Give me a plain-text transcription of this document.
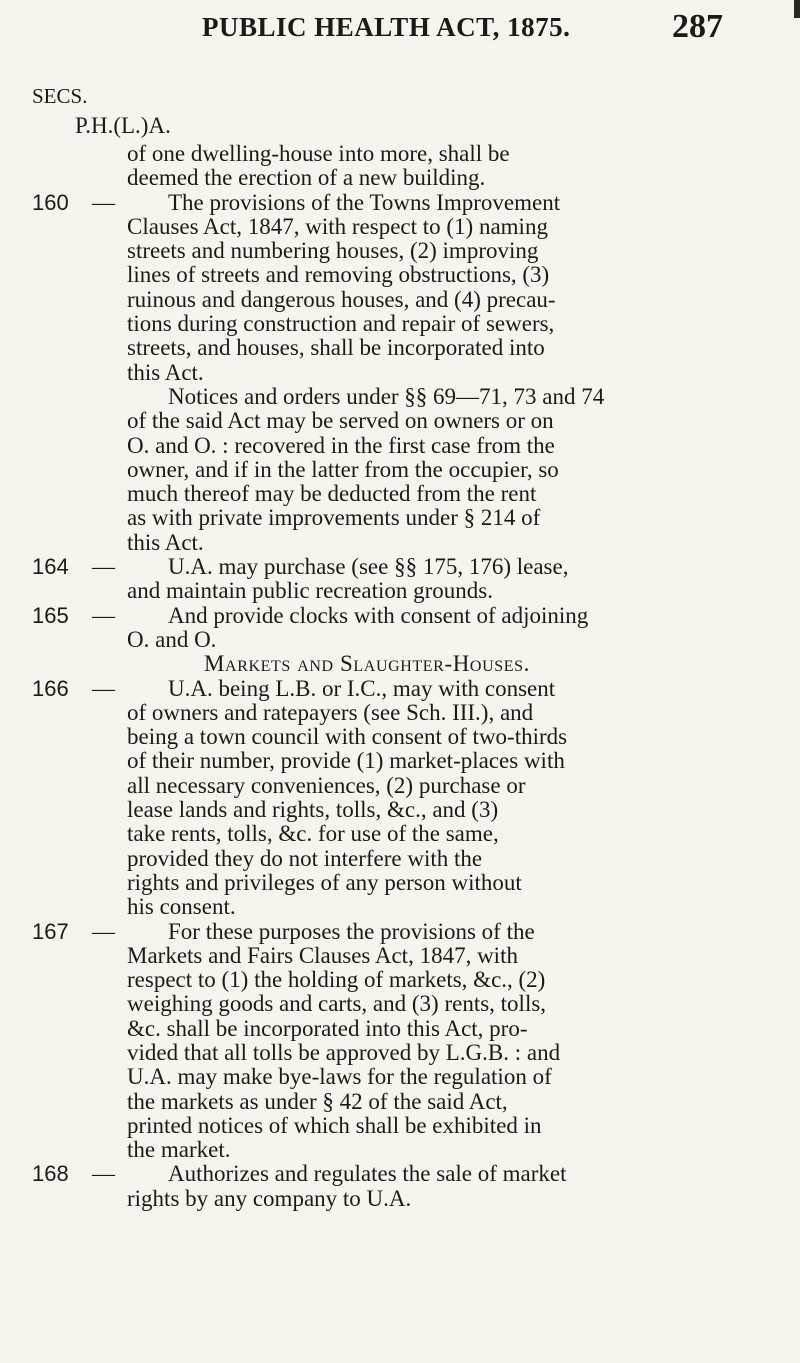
PUBLIC HEALTH ACT, 1875.	287
SECS.
P.H.(L.)A.
of one dwelling-house into more, shall be
deemed the erection of a new building.
160 — The provisions of the Towns Improvement
Clauses Act, 1847, with respect to (1) naming
streets and numbering houses, (2) improving
lines of streets and removing obstructions, (3)
ruinous and dangerous houses, and (4) precau-
tions during construction and repair of sewers,
streets, and houses, shall be incorporated into
this Act.
Notices and orders under §§ 69—71, 73 and 74
of the said Act may be served on owners or on
O. and O. : recovered in the first case from the
owner, and if in the latter from the occupier, so
much thereof may be deducted from the rent
as with private improvements under § 214 of
this Act.
164 — U.A. may purchase (see §§ 175, 176) lease,
and maintain public recreation grounds.
165 — And provide clocks with consent of adjoining
O. and O.
Markets and Slaughter-Houses.
166 — U.A. being L.B. or I.C., may with consent
of owners and ratepayers (see Sch. III.), and
being a town council with consent of two-thirds
of their number, provide (1) market-places with
all necessary conveniences, (2) purchase or
lease lands and rights, tolls, &c., and (3)
take rents, tolls, &c. for use of the same,
provided they do not interfere with the
rights and privileges of any person without
his consent.
167 — For these purposes the provisions of the
Markets and Fairs Clauses Act, 1847, with
respect to (1) the holding of markets, &c., (2)
weighing goods and carts, and (3) rents, tolls,
&c. shall be incorporated into this Act, pro-
vided that all tolls be approved by L.G.B. : and
U.A. may make bye-laws for the regulation of
the markets as under § 42 of the said Act,
printed notices of which shall be exhibited in
the market.
168 — Authorizes and regulates the sale of market
rights by any company to U.A.
